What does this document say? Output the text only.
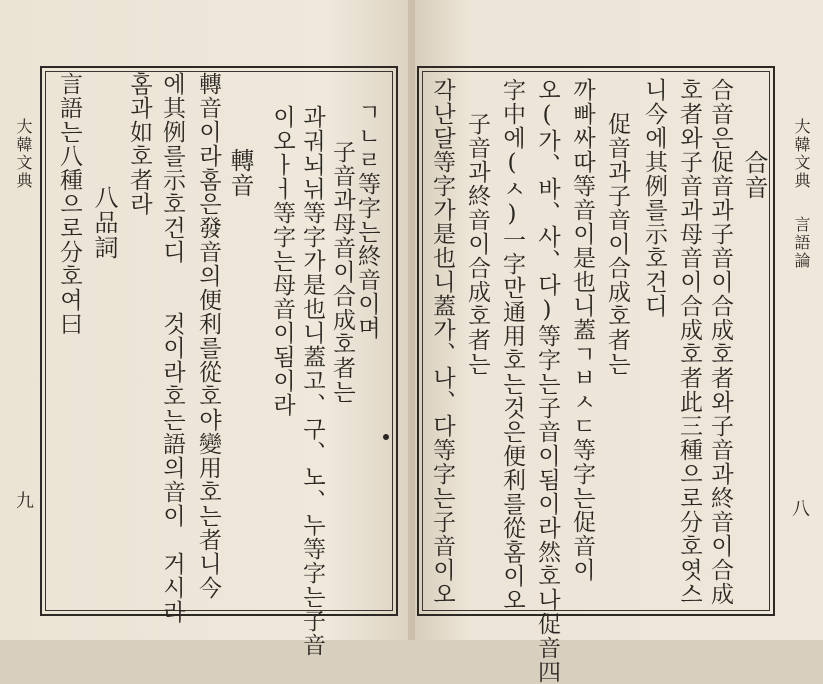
大韓文典
九
ㄱㄴㄹ等字는終音이며
子音과母音이合成호者는
과궈뇌뉘等字가是也니蓋고、구、노、누等字는子音
이오ㅏㅓ等字는母音이됨이라
轉音
轉音이라홈은發音의便利를從호야變用호는者니今
에其例를示호건디　　것이라호는語의音이　거시라
홈과如호者라
八品詞
言語는八種으로分호여曰	大韓文典
言語論
八
合音
合音은促音과子音이合成호者와子音과終音이合成
호者와子音과母音이合成호者此三種으로分호엿스
니今에其例를示호건디
促音과子音이合成호者는
까빠싸따等音이是也니蓋ㄱㅂㅅㄷ等字는促音이
오(가、바、사、다)等字는子音이됨이라然호나促音四
字中에(ㅅ)一字만通用호는것은便利를從홈이오
子音과終音이合成호者는
각난달等字가是也니蓋가、나、다等字는子音이오
